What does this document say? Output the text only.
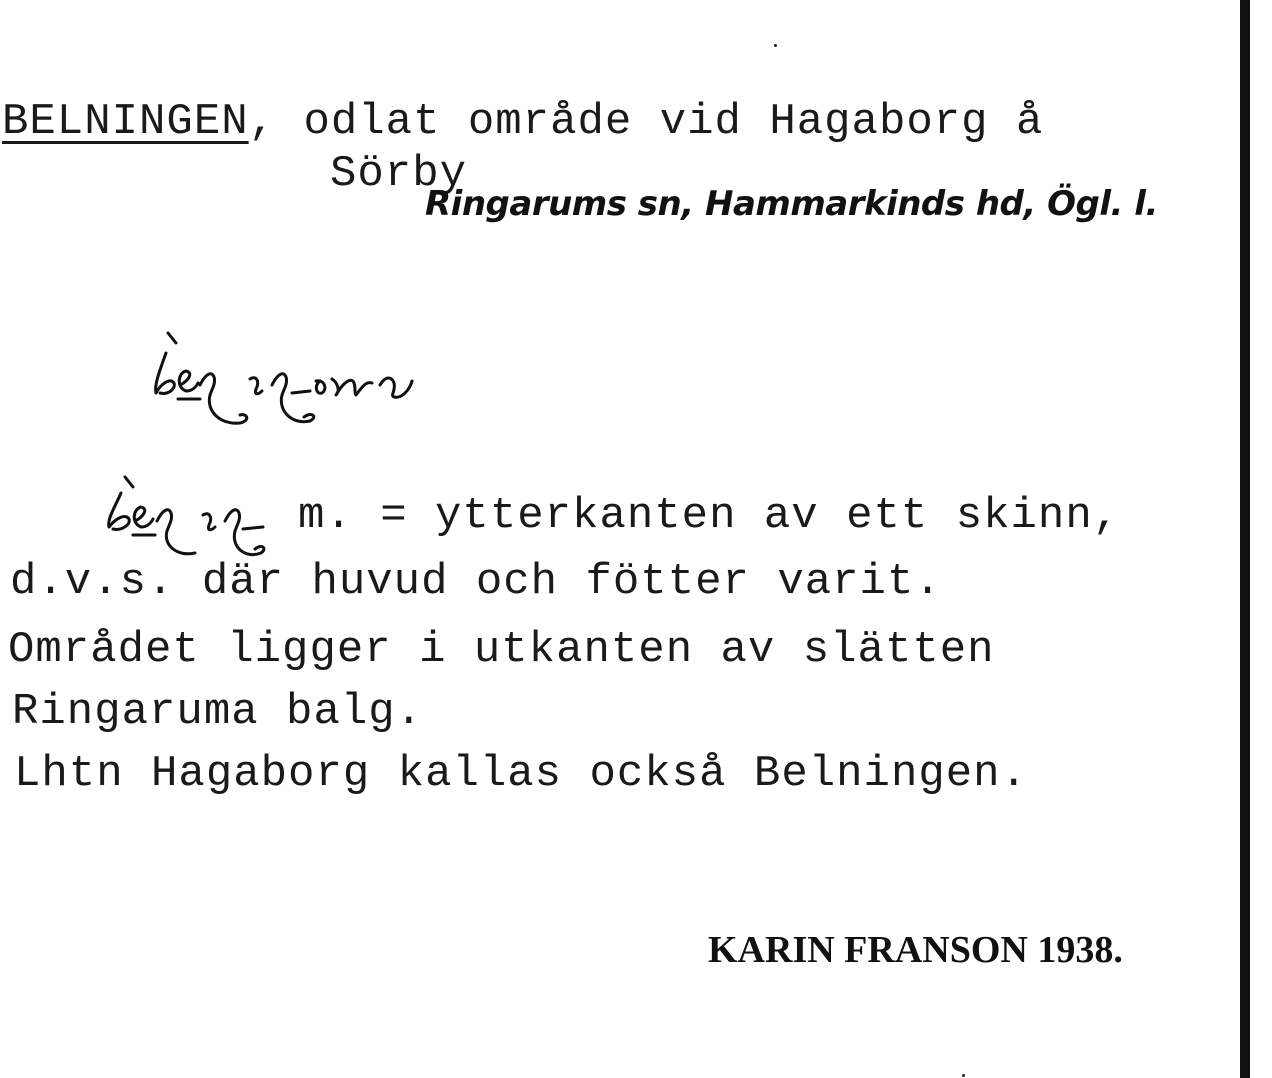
BELNINGEN, odlat område vid Hagaborg å
Sörby
Ringarums sn, Hammarkinds hd, Ögl. l.
m. = ytterkanten av ett skinn,
d.v.s. där huvud och fötter varit.
Området ligger i utkanten av slätten
Ringaruma balg.
Lhtn Hagaborg kallas också Belningen.
KARIN FRANSON 1938.
